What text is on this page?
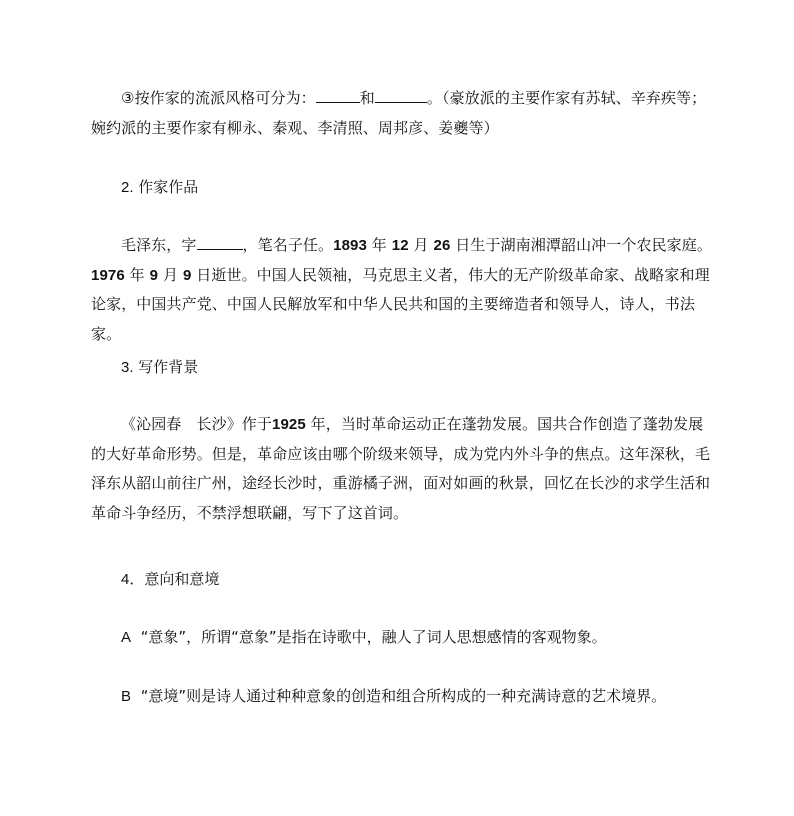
③按作家的流派风格可分为：	和	。（豪放派的主要作家有苏轼、辛弃疾等；婉约派的主要作家有柳永、秦观、李清照、周邦彦、姜夔等）

2. 作家作品

毛泽东，字	，笔名子任。1893 年 12 月 26 日生于湖南湘潭韶山冲一个农民家庭。1976 年 9 月 9 日逝世。中国人民领袖，马克思主义者，伟大的无产阶级革命家、战略家和理论家，中国共产党、中国人民解放军和中华人民共和国的主要缔造者和领导人，诗人，书法家。

3. 写作背景

《沁园春　长沙》作于1925 年，当时革命运动正在蓬勃发展。国共合作创造了蓬勃发展的大好革命形势。但是，革命应该由哪个阶级来领导，成为党内外斗争的焦点。这年深秋，毛泽东从韶山前往广州，途经长沙时，重游橘子洲，面对如画的秋景，回忆在长沙的求学生活和革命斗争经历，不禁浮想联翩，写下了这首词。

4．意向和意境

A “意象”，所谓“意象”是指在诗歌中，融人了词人思想感情的客观物象。

B “意境”则是诗人通过种种意象的创造和组合所构成的一种充满诗意的艺术境界。
